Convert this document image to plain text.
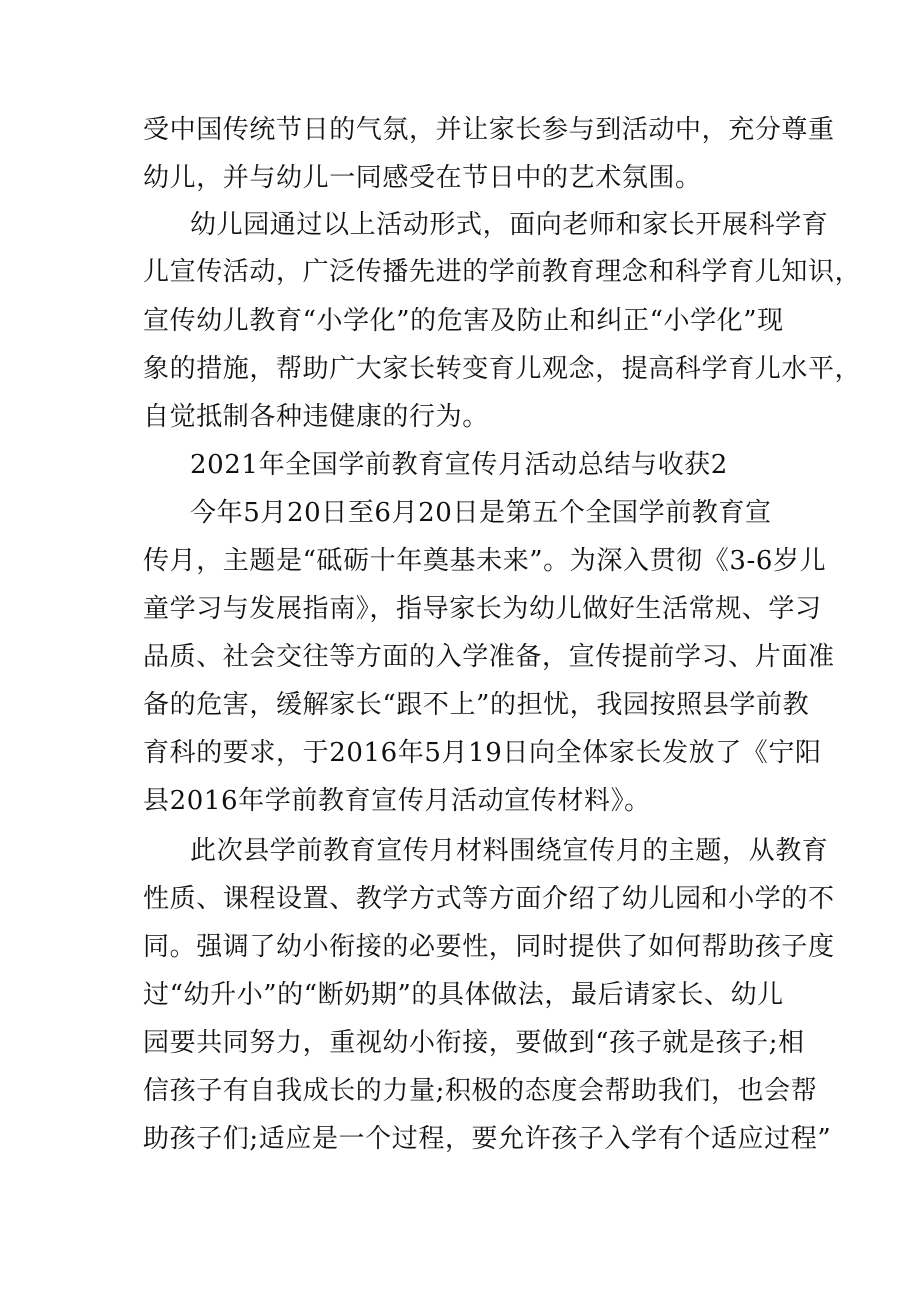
受中国传统节日的气氛，并让家长参与到活动中，充分尊重
幼儿，并与幼儿一同感受在节日中的艺术氛围。
幼儿园通过以上活动形式，面向老师和家长开展科学育
儿宣传活动，广泛传播先进的学前教育理念和科学育儿知识，
宣传幼儿教育“小学化”的危害及防止和纠正“小学化”现
象的措施，帮助广大家长转变育儿观念，提高科学育儿水平，
自觉抵制各种违健康的行为。
2021年全国学前教育宣传月活动总结与收获2
今年5月20日至6月20日是第五个全国学前教育宣
传月，主题是“砥砺十年奠基未来”。为深入贯彻《3-6岁儿
童学习与发展指南》，指导家长为幼儿做好生活常规、学习
品质、社会交往等方面的入学准备，宣传提前学习、片面准
备的危害，缓解家长“跟不上”的担忧，我园按照县学前教
育科的要求，于2016年5月19日向全体家长发放了《宁阳
县2016年学前教育宣传月活动宣传材料》。
此次县学前教育宣传月材料围绕宣传月的主题，从教育
性质、课程设置、教学方式等方面介绍了幼儿园和小学的不
同。强调了幼小衔接的必要性，同时提供了如何帮助孩子度
过“幼升小”的“断奶期”的具体做法，最后请家长、幼儿
园要共同努力，重视幼小衔接，要做到“孩子就是孩子;相
信孩子有自我成长的力量;积极的态度会帮助我们，也会帮
助孩子们;适应是一个过程，要允许孩子入学有个适应过程”
